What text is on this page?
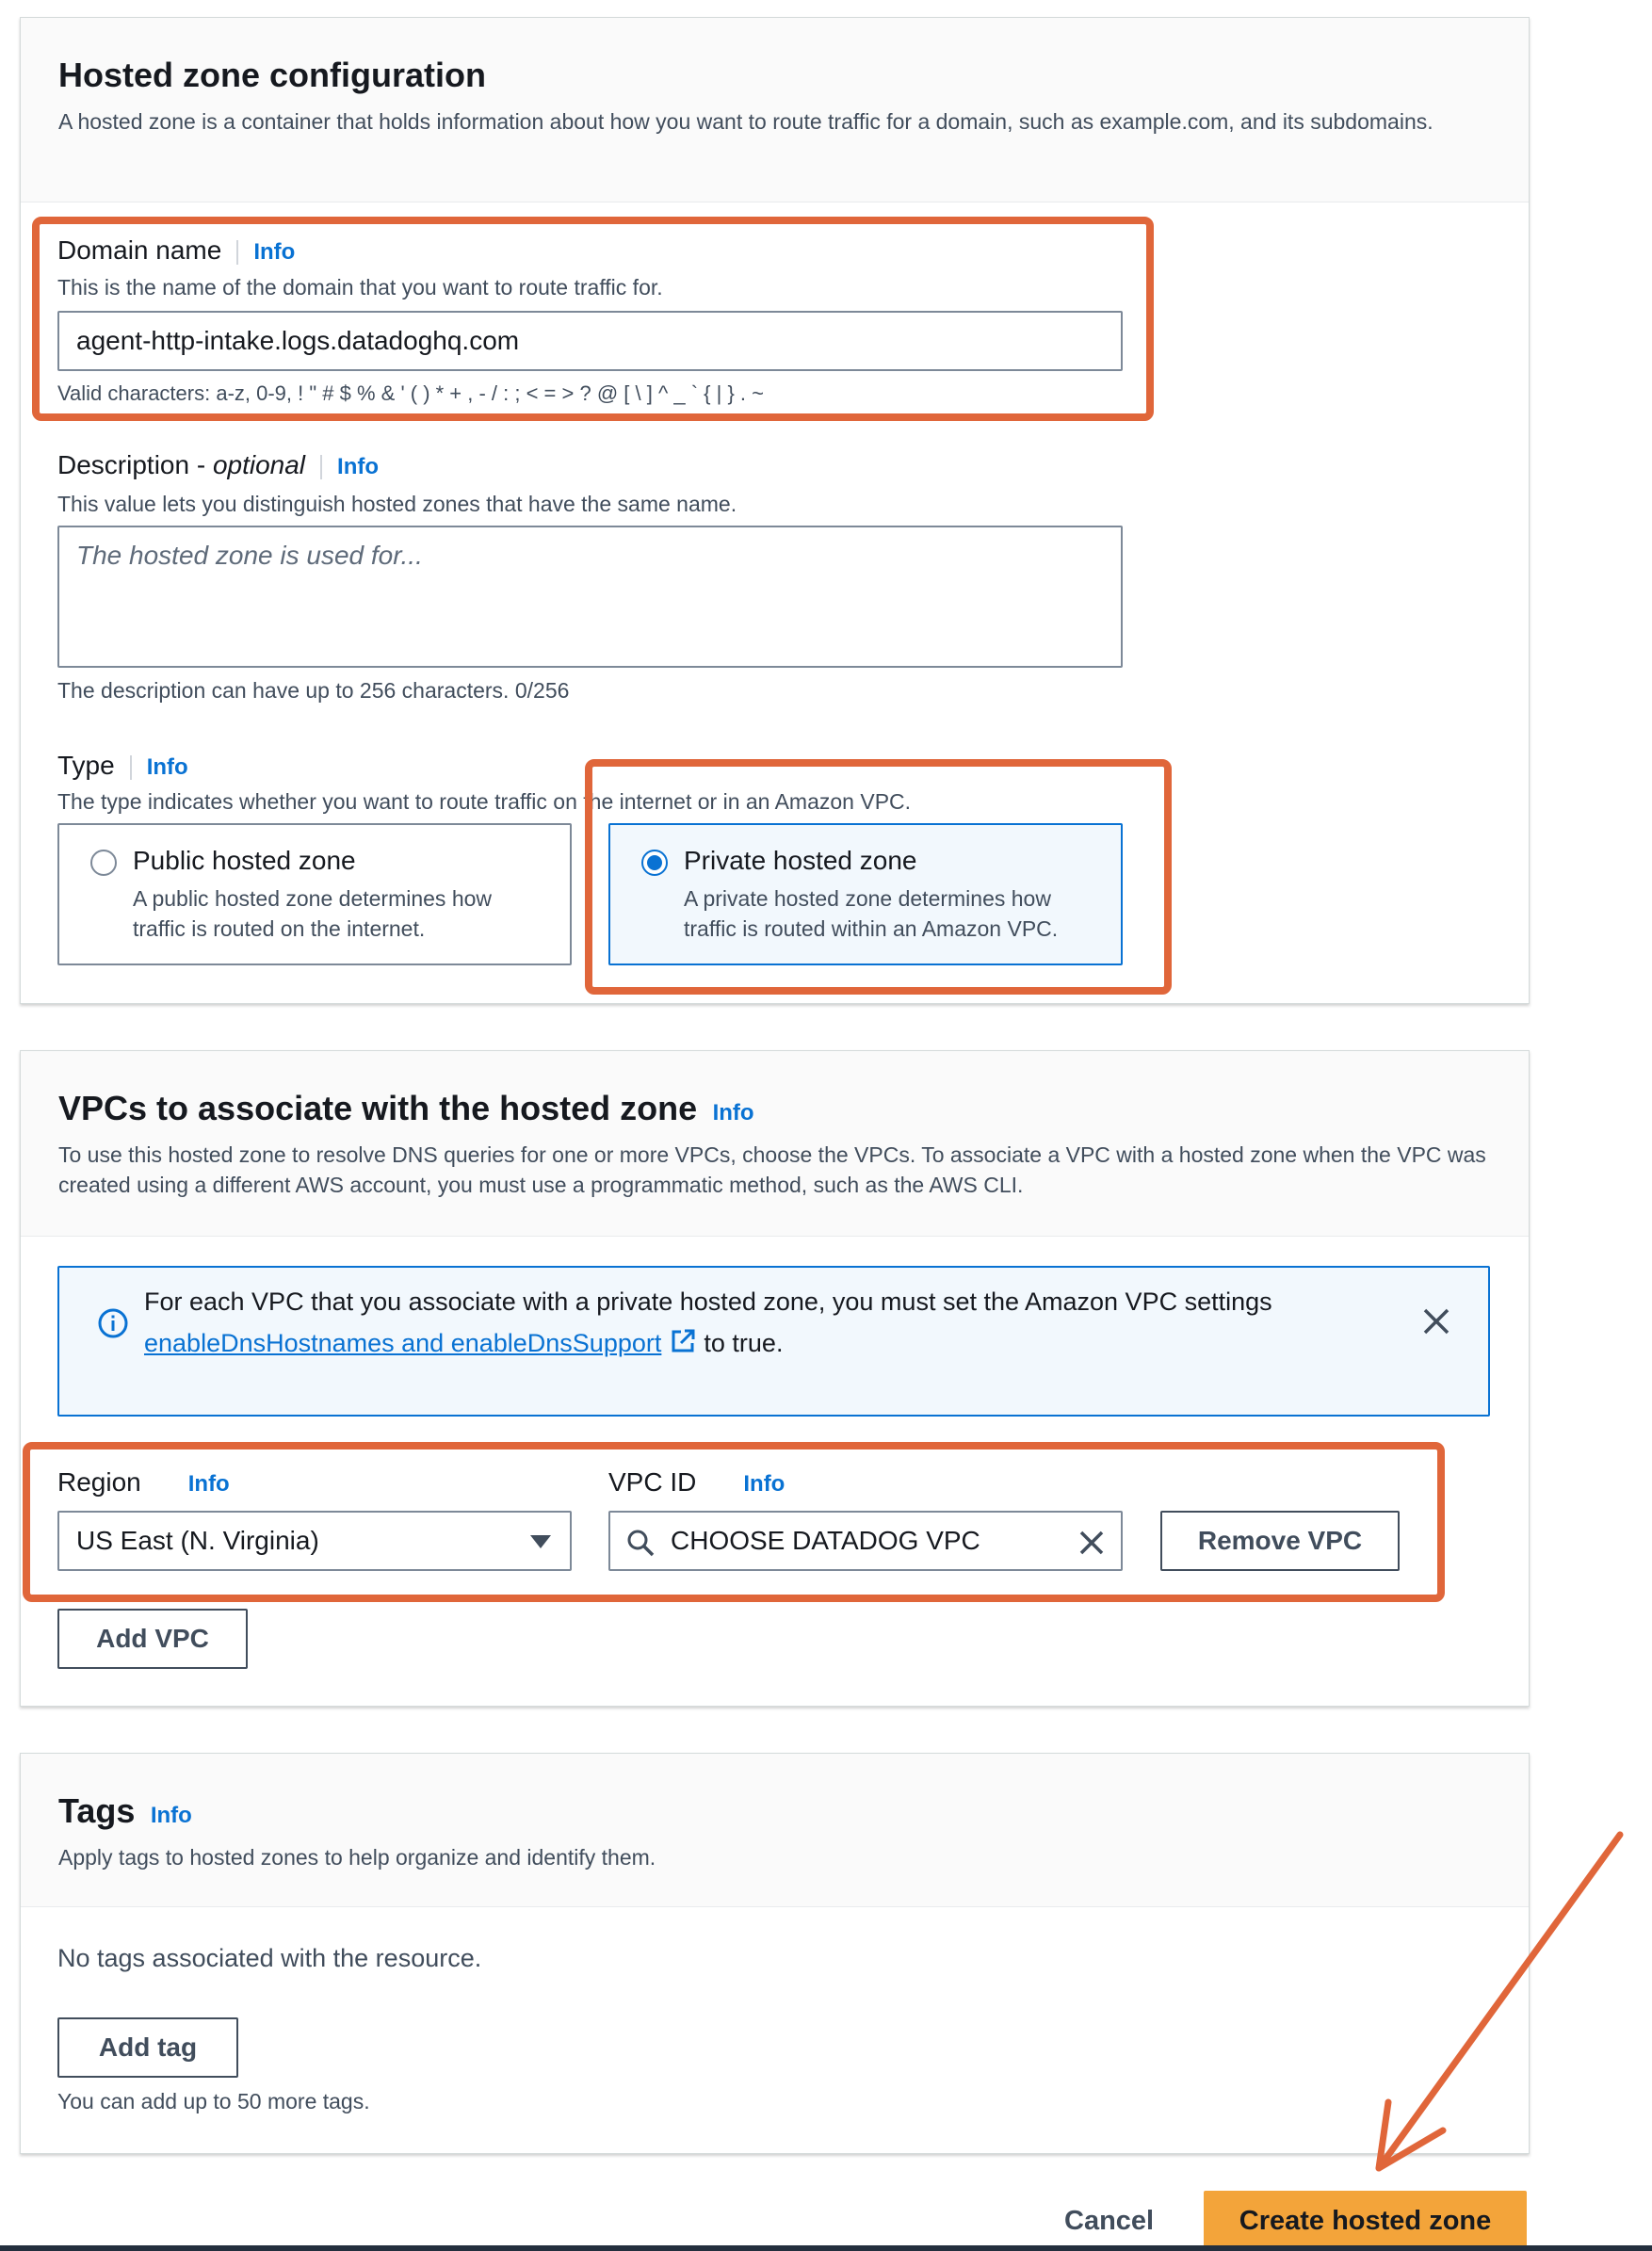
Hosted zone configuration
A hosted zone is a container that holds information about how you want to route traffic for a domain, such as example.com, and its subdomains.
Domain name Info
This is the name of the domain that you want to route traffic for.
agent-http-intake.logs.datadoghq.com
Valid characters: a-z, 0-9, ! " # $ % & ' ( ) * + , - / : ; < = > ? @ [ \ ] ^ _ ` { | } . ~
Description - optional Info
This value lets you distinguish hosted zones that have the same name.
The hosted zone is used for...
The description can have up to 256 characters. 0/256
Type Info
The type indicates whether you want to route traffic on the internet or in an Amazon VPC.
Public hosted zone
A public hosted zone determines how traffic is routed on the internet.
Private hosted zone
A private hosted zone determines how traffic is routed within an Amazon VPC.
VPCs to associate with the hosted zone Info
To use this hosted zone to resolve DNS queries for one or more VPCs, choose the VPCs. To associate a VPC with a hosted zone when the VPC was created using a different AWS account, you must use a programmatic method, such as the AWS CLI.
For each VPC that you associate with a private hosted zone, you must set the Amazon VPC settings
enableDnsHostnames and enableDnsSupport to true.
Region Info
US East (N. Virginia)
VPC ID Info
CHOOSE DATADOG VPC	Remove VPC
Add VPC
Tags Info
Apply tags to hosted zones to help organize and identify them.
No tags associated with the resource.
Add tag
You can add up to 50 more tags.
Cancel	Create hosted zone
